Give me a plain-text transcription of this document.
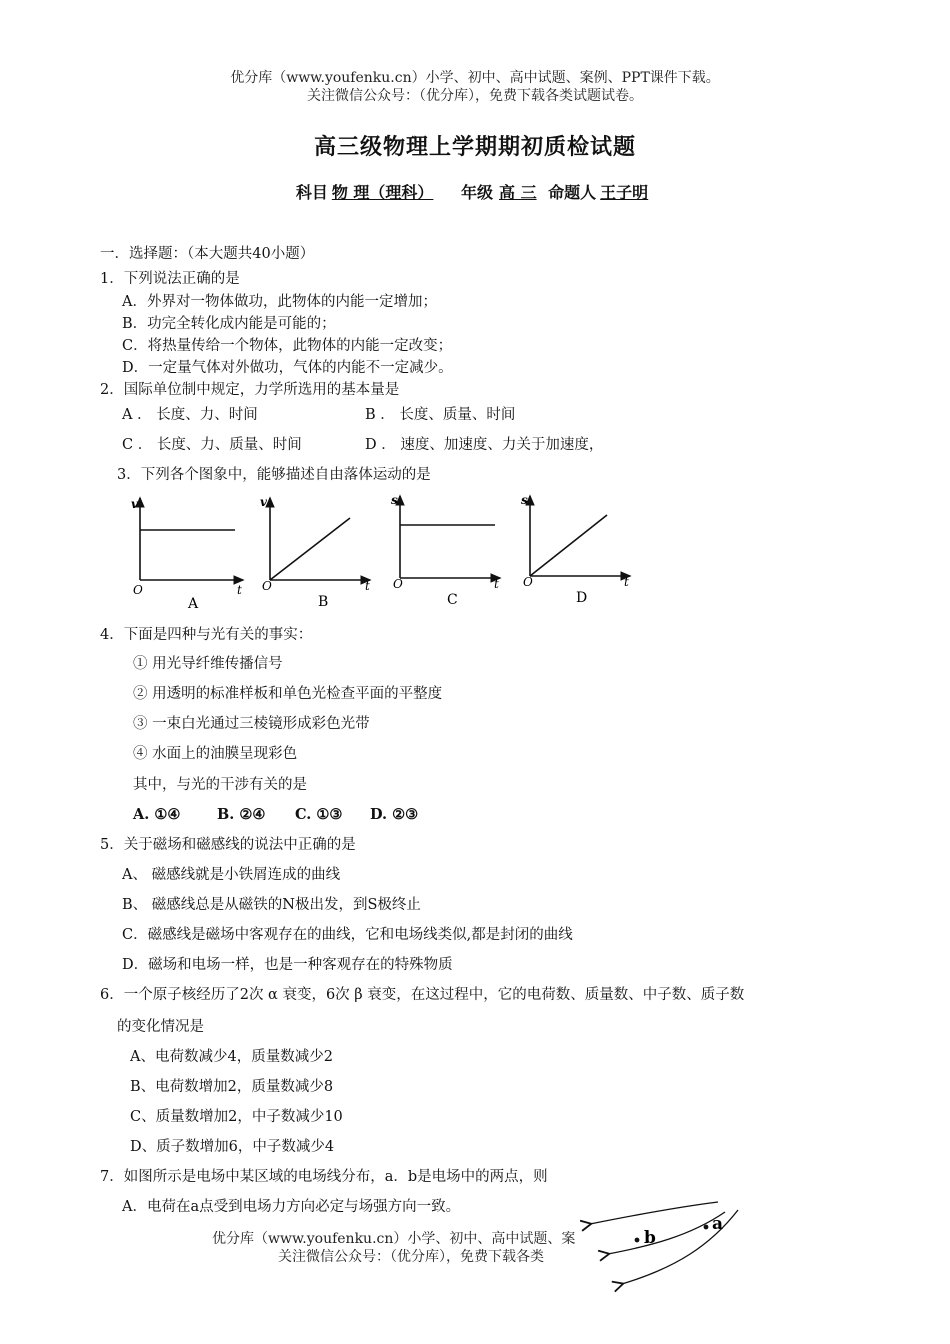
优分库（www.youfenku.cn）小学、初中、高中试题、案例、PPT课件下载。
关注微信公众号：（优分库），免费下载各类试题试卷。
高三级物理上学期期初质检试题
科目 物 理（理科） 年级 高 三 命题人 王子明
一．选择题：（本大题共40小题）
1．下列说法正确的是
A．外界对一物体做功，此物体的内能一定增加；
B．功完全转化成内能是可能的；
C．将热量传给一个物体，此物体的内能一定改变；
D．一定量气体对外做功，气体的内能不一定减少。
2．国际单位制中规定，力学所选用的基本量是
A ． 长度、力、时间	B ． 长度、质量、时间
C ． 长度、力、质量、时间	D ． 速度、加速度、力关于加速度，
3．下列各个图象中，能够描述自由落体运动的是
v
t
O
A
v
t
O
B
s
t
O
C
s
t
O
D
4．下面是四种与光有关的事实：
① 用光导纤维传播信号
② 用透明的标准样板和单色光检查平面的平整度
③ 一束白光通过三棱镜形成彩色光带
④ 水面上的油膜呈现彩色
其中，与光的干涉有关的是
A. ①④	B. ②④ C. ①③ D. ②③
5．关于磁场和磁感线的说法中正确的是
A、 磁感线就是小铁屑连成的曲线
B、 磁感线总是从磁铁的N极出发，到S极终止
C．磁感线是磁场中客观存在的曲线，它和电场线类似,都是封闭的曲线
D．磁场和电场一样，也是一种客观存在的特殊物质
6．一个原子核经历了2次 α 衰变，6次 β 衰变，在这过程中，它的电荷数、质量数、中子数、质子数
的变化情况是
A、电荷数减少4，质量数减少2
B、电荷数增加2，质量数减少8
C、质量数增加2，中子数减少10
D、质子数增加6，中子数减少4
7．如图所示是电场中某区域的电场线分布，a．b是电场中的两点，则
A．电荷在a点受到电场力方向必定与场强方向一致。
b
a
优分库（www.youfenku.cn）小学、初中、高中试题、案
关注微信公众号：（优分库），免费下载各类
